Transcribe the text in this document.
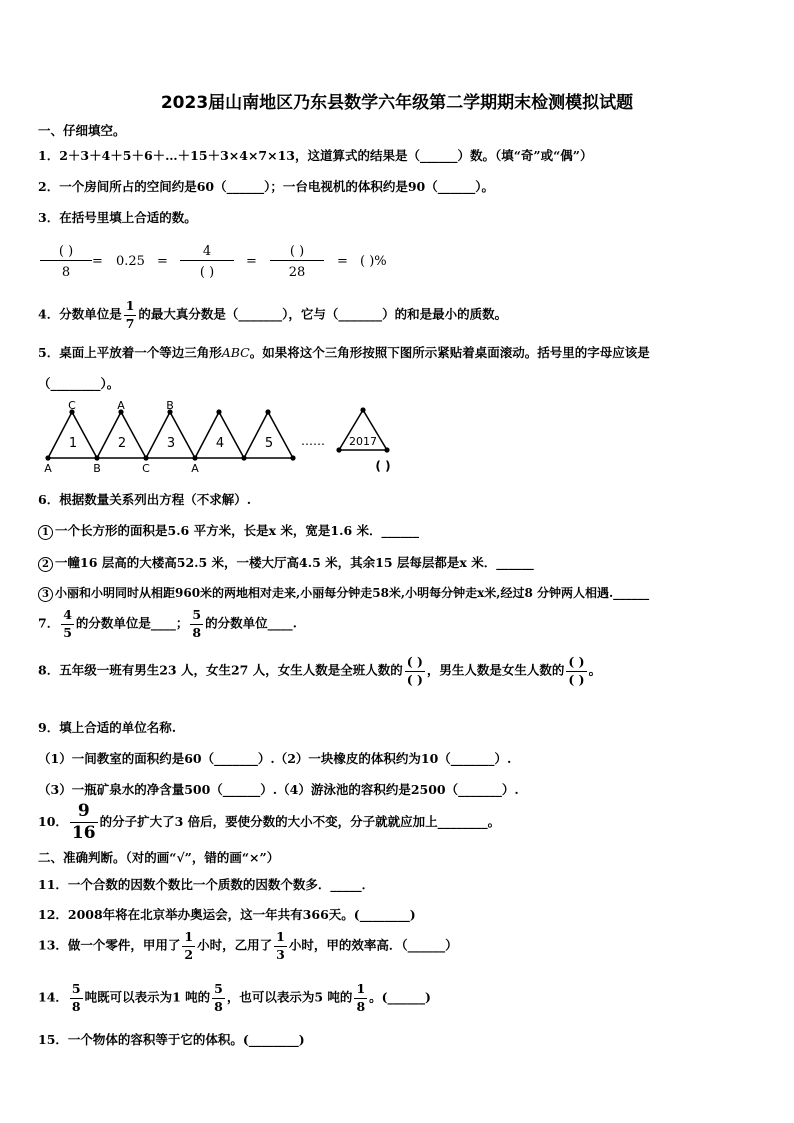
2023届山南地区乃东县数学六年级第二学期期末检测模拟试题
一、仔细填空。
1．2＋3＋4＋5＋6＋…＋15＋3×4×7×13，这道算式的结果是（______）数。（填“奇”或“偶”）
2．一个房间所占的空间约是60（______）；一台电视机的体积约是90（______）。
3．在括号里填上合适的数。
( )
8
= 0.25 =
4
( )
=
( )
28
= ( )%
4．分数单位是 $\frac{1}{7}$ 的最大真分数是（_______），它与（_______）的和是最小的质数。
5．桌面上平放着一个等边三角形ABC。如果将这个三角形按照下图所示紧贴着桌面滚动。括号里的字母应该是
（________）。
C	A	B
A	B	C	A
1	2	3	4	5 …… 2017
( )
6．根据数量关系列出方程（不求解）.
1 一个长方形的面积是5.6 平方米，长是x 米，宽是1.6 米．______
2 一幢16 层高的大楼高52.5 米，一楼大厅高4.5 米，其余15 层每层都是x 米．______
3 小丽和小明同时从相距960米的两地相对走来,小丽每分钟走58米,小明每分钟走x米,经过8 分钟两人相遇.______
7． $\frac{4}{5}$ 的分数单位是____； $\frac{5}{8}$ 的分数单位____.
8．五年级一班有男生23 人，女生27 人，女生人数是全班人数的 $\frac{( )}{( )}$ ，男生人数是女生人数的 $\frac{( )}{( )}$ 。
9．填上合适的单位名称.
（1）一间教室的面积约是60（_______）.（2）一块橡皮的体积约为10（_______）.
（3）一瓶矿泉水的净含量500（______）.（4）游泳池的容积约是2500（_______）.
10． $\frac{9}{16}$ 的分子扩大了3 倍后，要使分数的大小不变，分子就就应加上________。
二、准确判断。（对的画“√”，错的画“×”）
11．一个合数的因数个数比一个质数的因数个数多．_____．
12．2008年将在北京举办奥运会，这一年共有366天。(________)
13．做一个零件，甲用了 $\frac{1}{2}$ 小时，乙用了 $\frac{1}{3}$ 小时，甲的效率高．（______）
14． $\frac{5}{8}$ 吨既可以表示为1 吨的 $\frac{5}{8}$ ，也可以表示为5 吨的 $\frac{1}{8}$ 。(______)
15．一个物体的容积等于它的体积。(________)
